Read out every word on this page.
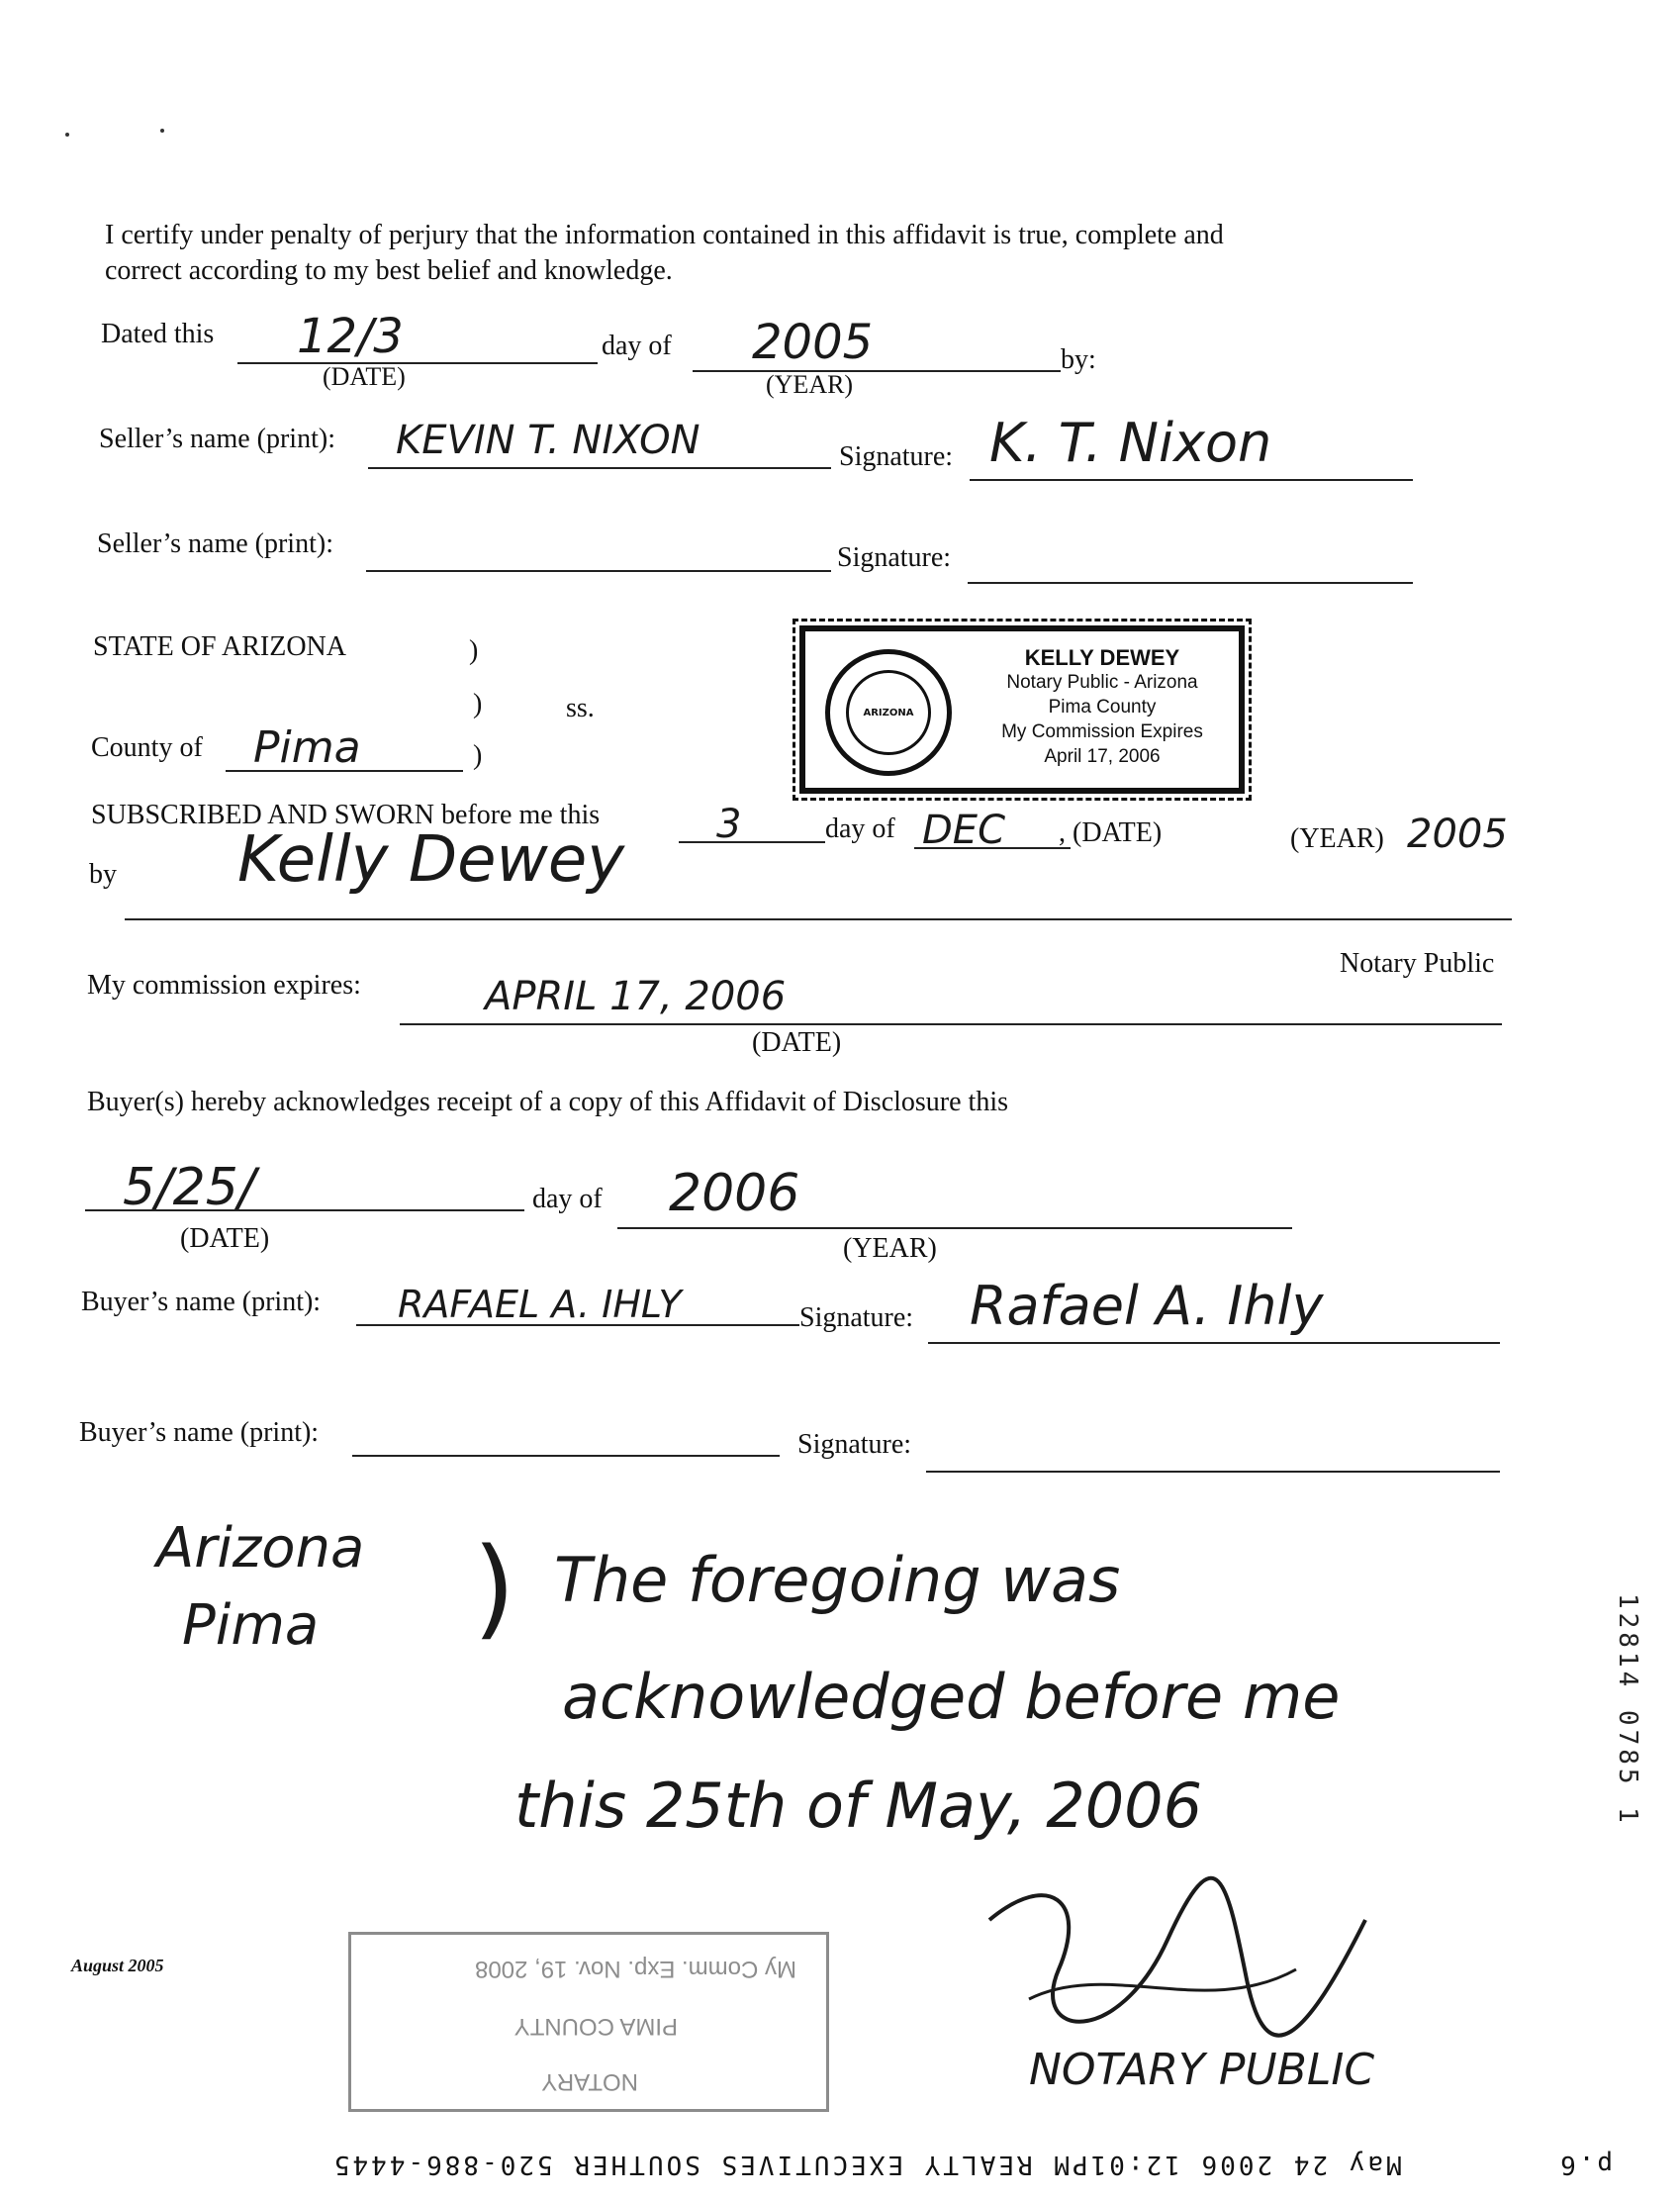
I certify under penalty of perjury that the information contained in this affidavit is true, complete and
correct according to my best belief and knowledge.
Dated this 12/3
(DATE)
day of 2005
(YEAR)
by:
Seller’s name (print): KEVIN T. NIXON	Signature: K. T. Nixon
Seller’s name (print):	Signature:
STATE OF ARIZONA	)
)	ss.
County of Pima	)
ARIZONA
KELLY DEWEY
Notary Public - Arizona
Pima County
My Commission Expires
April 17, 2006
SUBSCRIBED AND SWORN before me this	3	day of DEC , (DATE)	(YEAR) 2005
by Kelly Dewey
Notary Public
My commission expires:	APRIL 17, 2006
(DATE)
Buyer(s) hereby acknowledges receipt of a copy of this Affidavit of Disclosure this
5/25/
(DATE)
day of 2006
(YEAR)
Buyer’s name (print): RAFAEL A. IHLY	Signature: Rafael A. Ihly
Buyer’s name (print):	Signature:
Arizona
Pima ) The foregoing was
acknowledged before me
this 25th of May, 2006
NOTARY PUBLIC
August 2005
NOTARY
PIMA COUNTY
My Comm. Exp. Nov. 19, 2008
12814 0785 1
p.6  May 24 2006 12:01PM REALTY EXECUTIVES SOUTHER 520-886-4445
